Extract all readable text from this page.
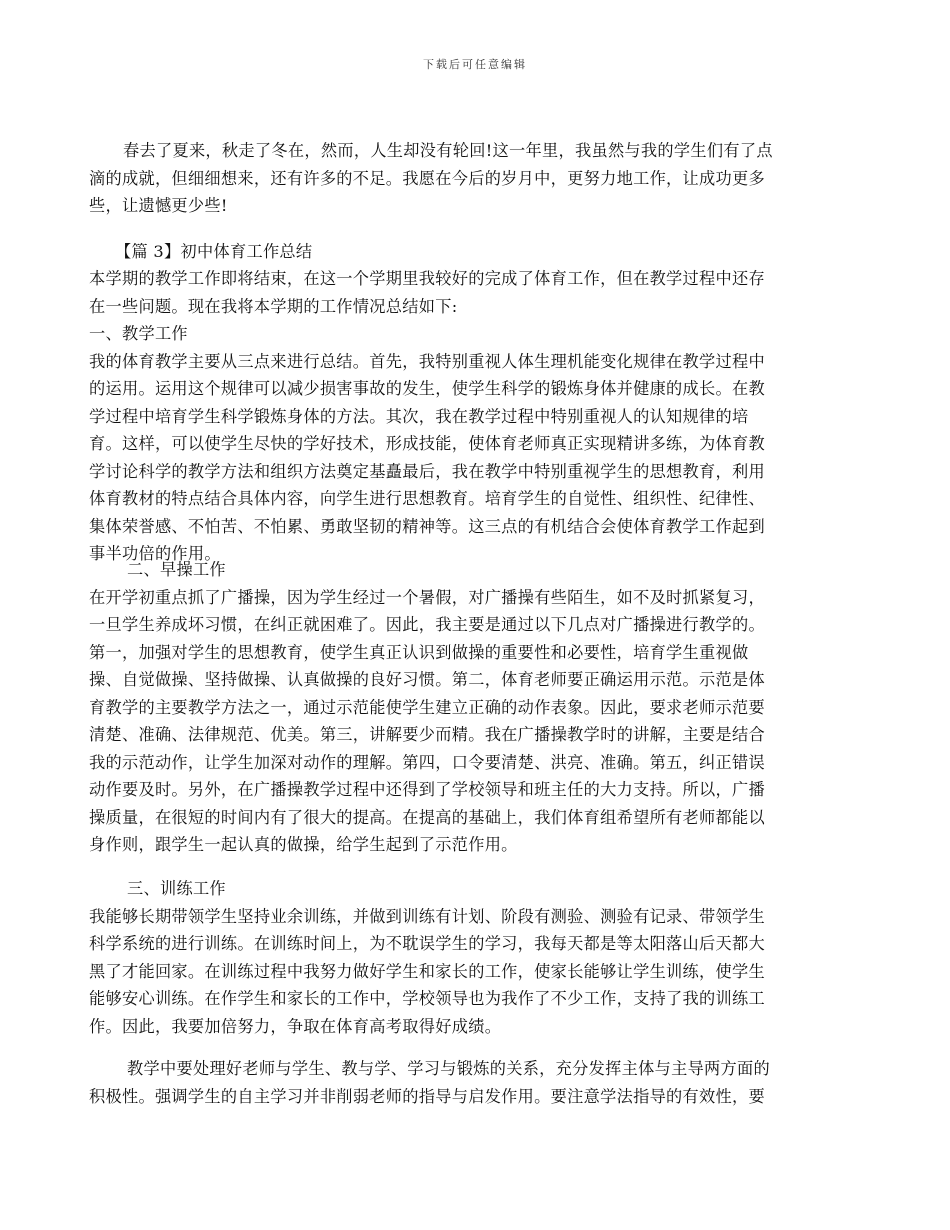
下载后可任意编辑
春去了夏来，秋走了冬在，然而，人生却没有轮回!这一年里，我虽然与我的学生们有了点
滴的成就，但细细想来，还有许多的不足。我愿在今后的岁月中，更努力地工作，让成功更多
些，让遗憾更少些!
【篇 3】初中体育工作总结
本学期的教学工作即将结束，在这一个学期里我较好的完成了体育工作，但在教学过程中还存
在一些问题。现在我将本学期的工作情况总结如下:
一、教学工作
我的体育教学主要从三点来进行总结。首先，我特别重视人体生理机能变化规律在教学过程中
的运用。运用这个规律可以减少损害事故的发生，使学生科学的锻炼身体并健康的成长。在教
学过程中培育学生科学锻炼身体的方法。其次，我在教学过程中特别重视人的认知规律的培
育。这样，可以使学生尽快的学好技术，形成技能，使体育老师真正实现精讲多练，为体育教
学讨论科学的教学方法和组织方法奠定基矗最后，我在教学中特别重视学生的思想教育，利用
体育教材的特点结合具体内容，向学生进行思想教育。培育学生的自觉性、组织性、纪律性、
集体荣誉感、不怕苦、不怕累、勇敢坚韧的精神等。这三点的有机结合会使体育教学工作起到
事半功倍的作用。
二、早操工作
在开学初重点抓了广播操，因为学生经过一个暑假，对广播操有些陌生，如不及时抓紧复习，
一旦学生养成坏习惯，在纠正就困难了。因此，我主要是通过以下几点对广播操进行教学的。
第一，加强对学生的思想教育，使学生真正认识到做操的重要性和必要性，培育学生重视做
操、自觉做操、坚持做操、认真做操的良好习惯。第二，体育老师要正确运用示范。示范是体
育教学的主要教学方法之一，通过示范能使学生建立正确的动作表象。因此，要求老师示范要
清楚、准确、法律规范、优美。第三，讲解要少而精。我在广播操教学时的讲解，主要是结合
我的示范动作，让学生加深对动作的理解。第四，口令要清楚、洪亮、准确。第五，纠正错误
动作要及时。另外，在广播操教学过程中还得到了学校领导和班主任的大力支持。所以，广播
操质量，在很短的时间内有了很大的提高。在提高的基础上，我们体育组希望所有老师都能以
身作则，跟学生一起认真的做操，给学生起到了示范作用。
三、训练工作
我能够长期带领学生坚持业余训练，并做到训练有计划、阶段有测验、测验有记录、带领学生
科学系统的进行训练。在训练时间上，为不耽误学生的学习，我每天都是等太阳落山后天都大
黑了才能回家。在训练过程中我努力做好学生和家长的工作，使家长能够让学生训练，使学生
能够安心训练。在作学生和家长的工作中，学校领导也为我作了不少工作，支持了我的训练工
作。因此，我要加倍努力，争取在体育高考取得好成绩。
教学中要处理好老师与学生、教与学、学习与锻炼的关系，充分发挥主体与主导两方面的
积极性。强调学生的自主学习并非削弱老师的指导与启发作用。要注意学法指导的有效性，要
